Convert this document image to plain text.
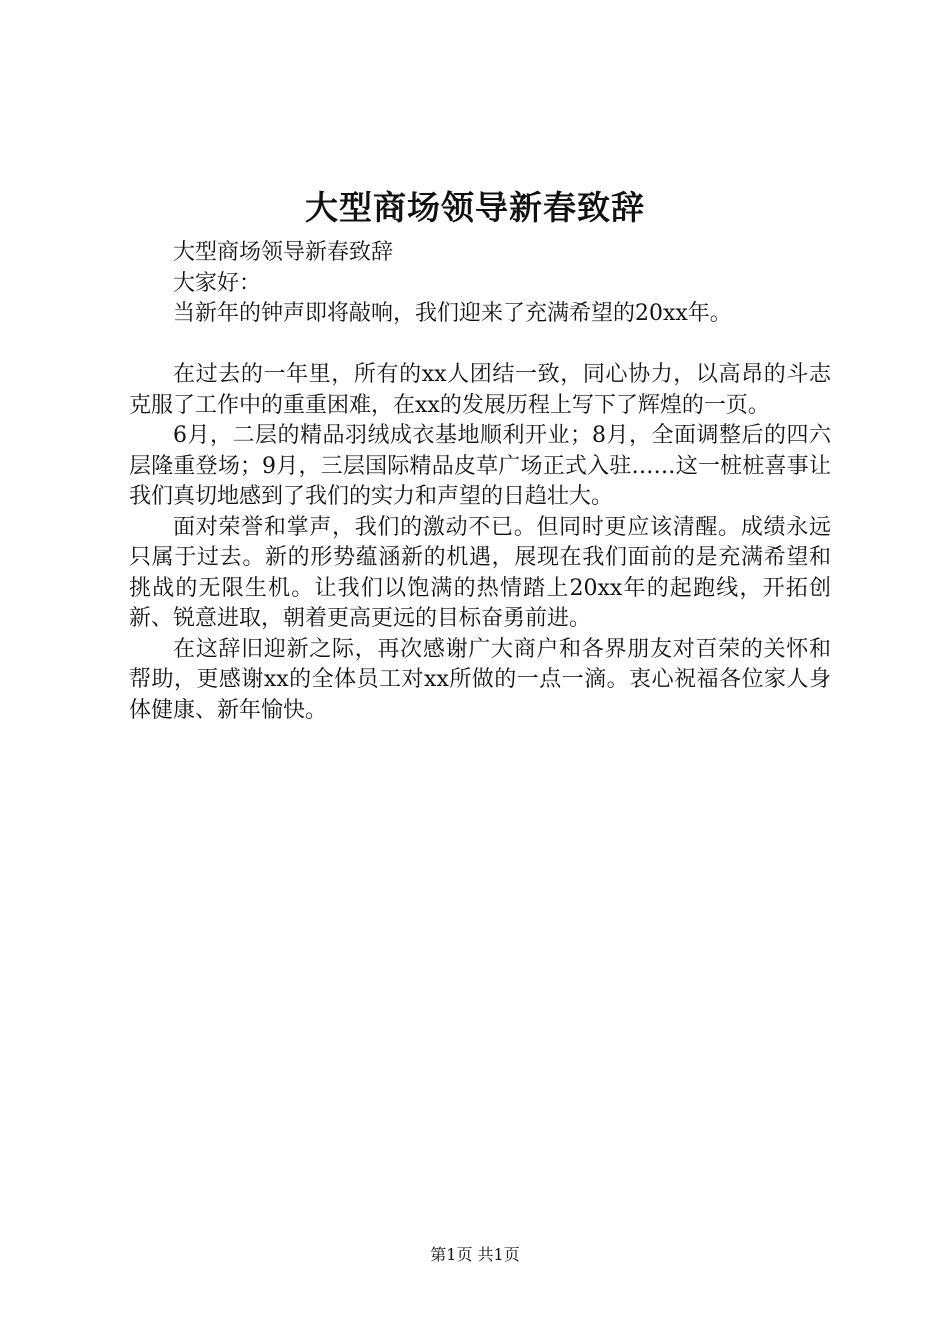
大型商场领导新春致辞

大型商场领导新春致辞

大家好：

当新年的钟声即将敲响，我们迎来了充满希望的20xx年。

在过去的一年里，所有的xx人团结一致，同心协力，以高昂的斗志克服了工作中的重重困难，在xx的发展历程上写下了辉煌的一页。

6月，二层的精品羽绒成衣基地顺利开业；8月，全面调整后的四六层隆重登场；9月，三层国际精品皮草广场正式入驻……这一桩桩喜事让我们真切地感到了我们的实力和声望的日趋壮大。

面对荣誉和掌声，我们的激动不已。但同时更应该清醒。成绩永远只属于过去。新的形势蕴涵新的机遇，展现在我们面前的是充满希望和挑战的无限生机。让我们以饱满的热情踏上20xx年的起跑线，开拓创新、锐意进取，朝着更高更远的目标奋勇前进。

在这辞旧迎新之际，再次感谢广大商户和各界朋友对百荣的关怀和帮助，更感谢xx的全体员工对xx所做的一点一滴。衷心祝福各位家人身体健康、新年愉快。

第1页 共1页
